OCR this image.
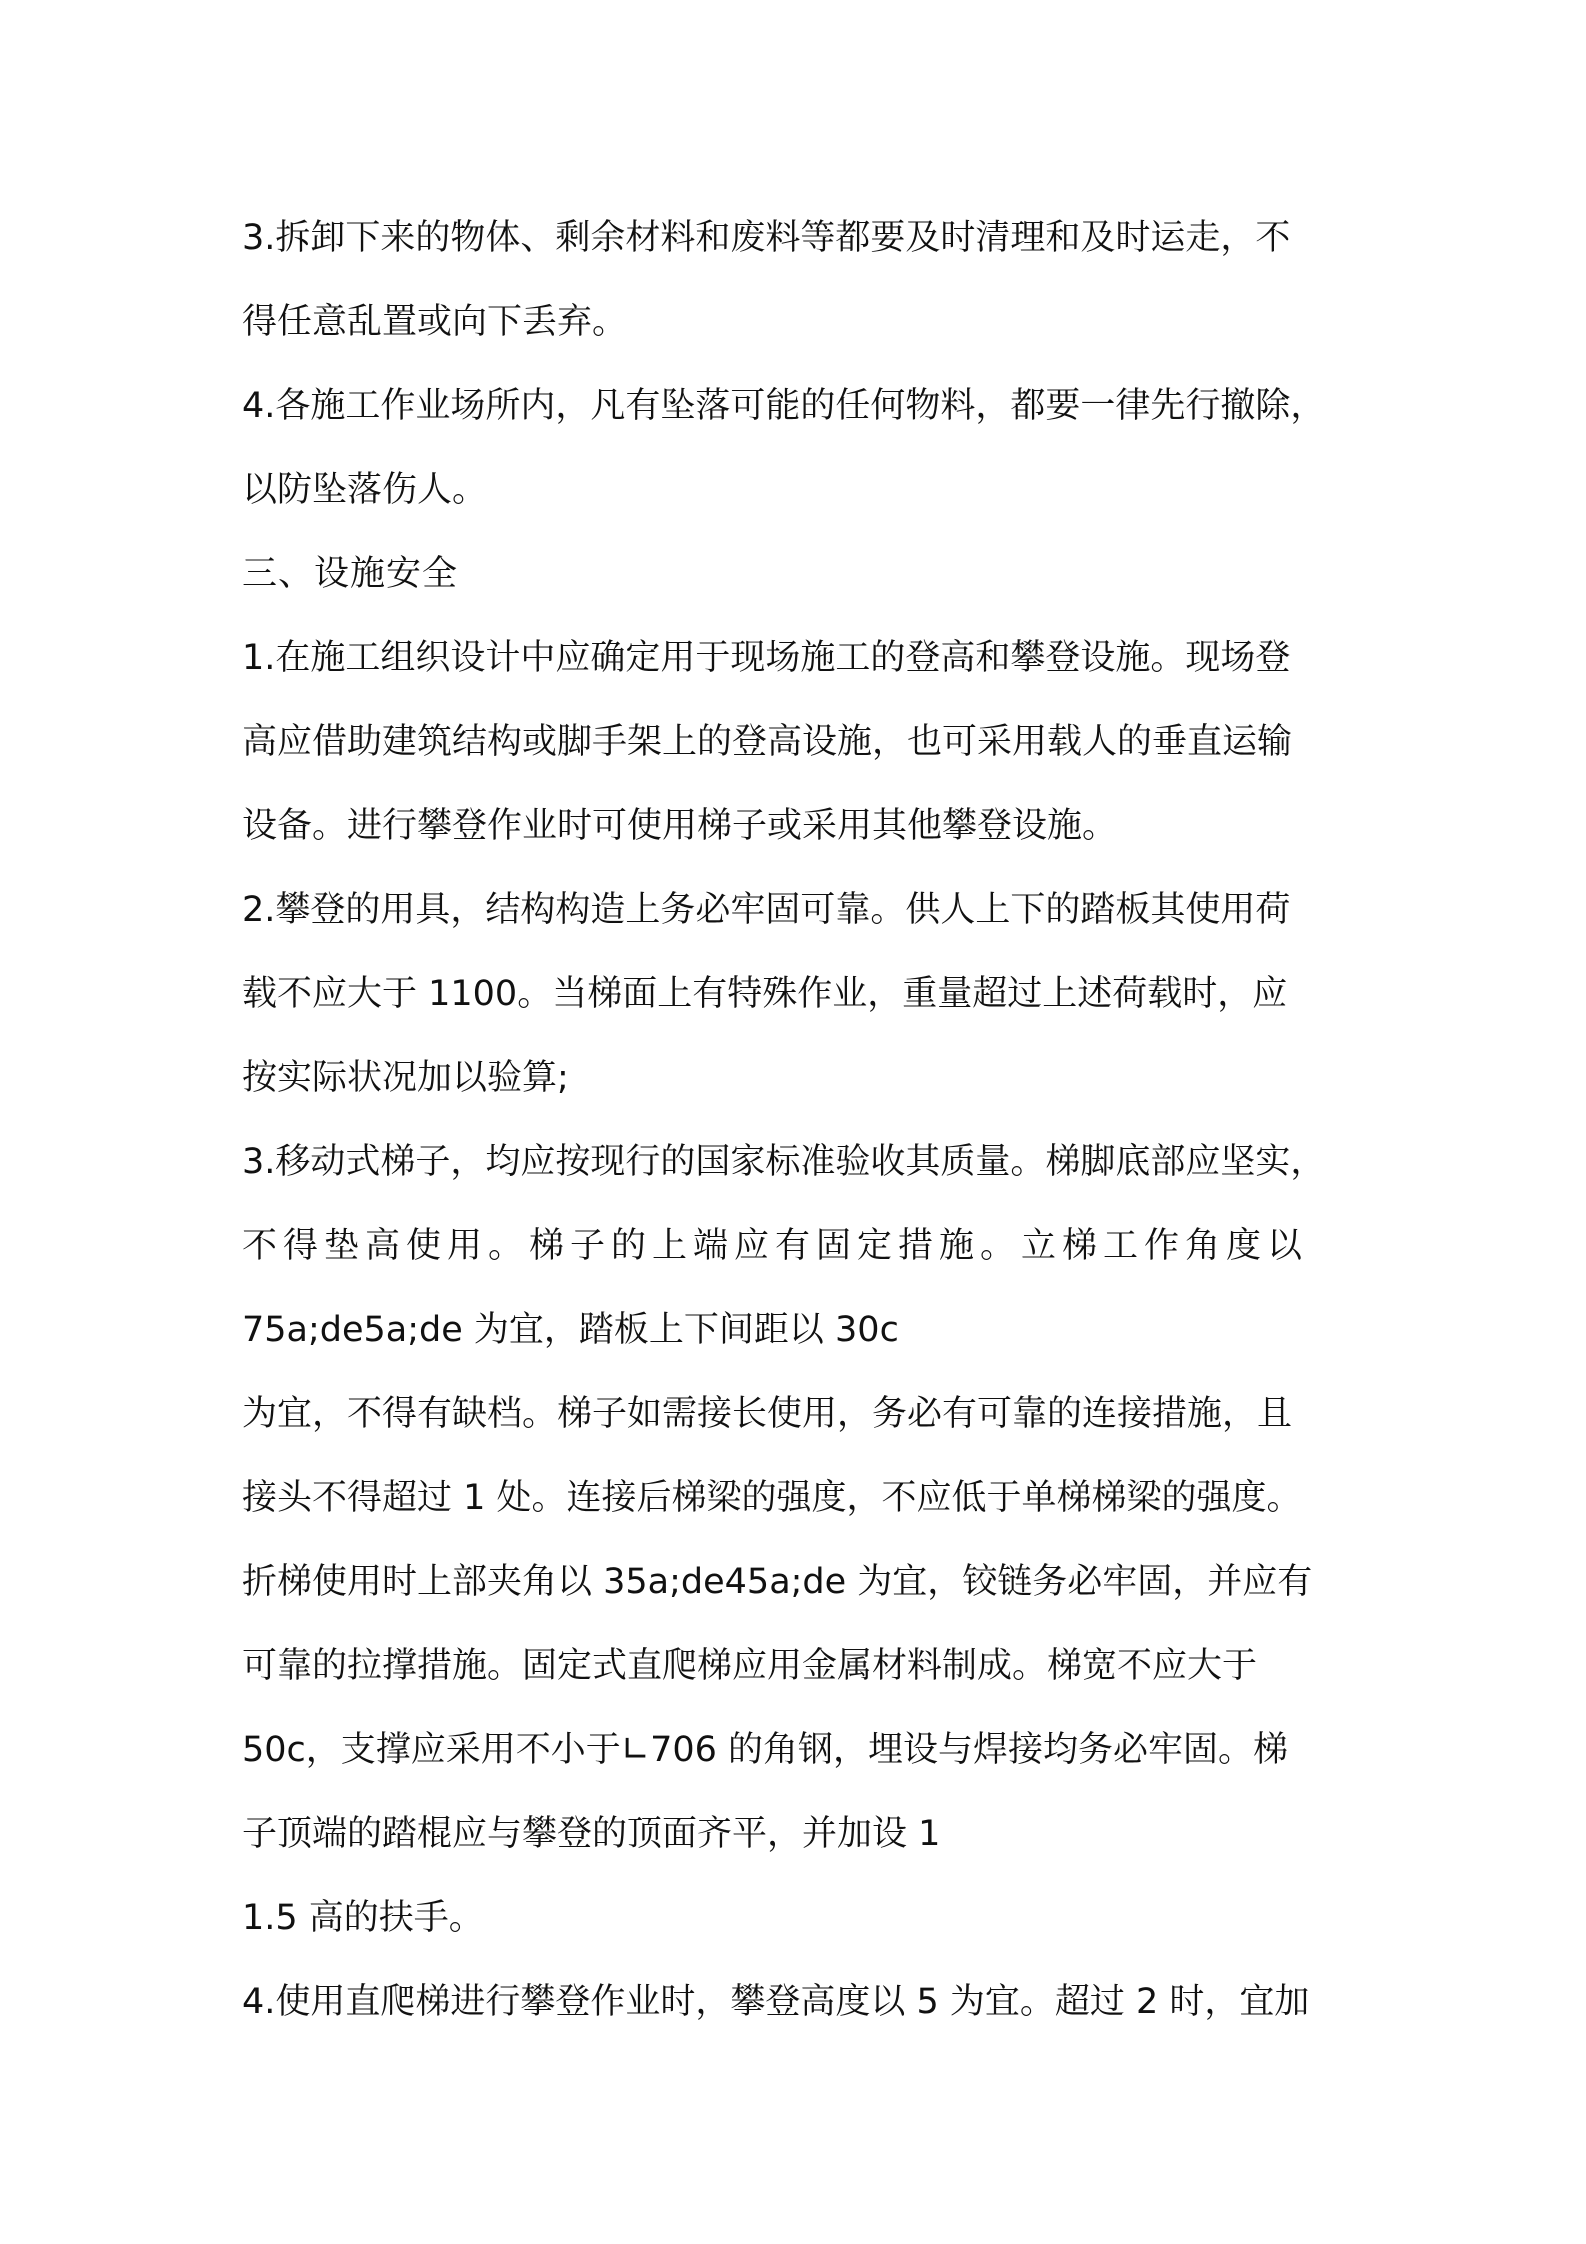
3.拆卸下来的物体、剩余材料和废料等都要及时清理和及时运走，不
得任意乱置或向下丢弃。
4.各施工作业场所内，凡有坠落可能的任何物料，都要一律先行撤除，
以防坠落伤人。
三、设施安全
1.在施工组织设计中应确定用于现场施工的登高和攀登设施。现场登
高应借助建筑结构或脚手架上的登高设施，也可采用载人的垂直运输
设备。进行攀登作业时可使用梯子或采用其他攀登设施。
2.攀登的用具，结构构造上务必牢固可靠。供人上下的踏板其使用荷
载不应大于 1100。当梯面上有特殊作业，重量超过上述荷载时，应
按实际状况加以验算;
3.移动式梯子，均应按现行的国家标准验收其质量。梯脚底部应坚实，
不得垫高使用。梯子的上端应有固定措施。立梯工作角度以
75a;de5a;de 为宜，踏板上下间距以 30c
为宜，不得有缺档。梯子如需接长使用，务必有可靠的连接措施，且
接头不得超过 1 处。连接后梯梁的强度，不应低于单梯梯梁的强度。
折梯使用时上部夹角以 35a;de45a;de 为宜，铰链务必牢固，并应有
可靠的拉撑措施。固定式直爬梯应用金属材料制成。梯宽不应大于
50c，支撑应采用不小于∟706 的角钢，埋设与焊接均务必牢固。梯
子顶端的踏棍应与攀登的顶面齐平，并加设 1
1.5 高的扶手。
4.使用直爬梯进行攀登作业时，攀登高度以 5 为宜。超过 2 时，宜加
